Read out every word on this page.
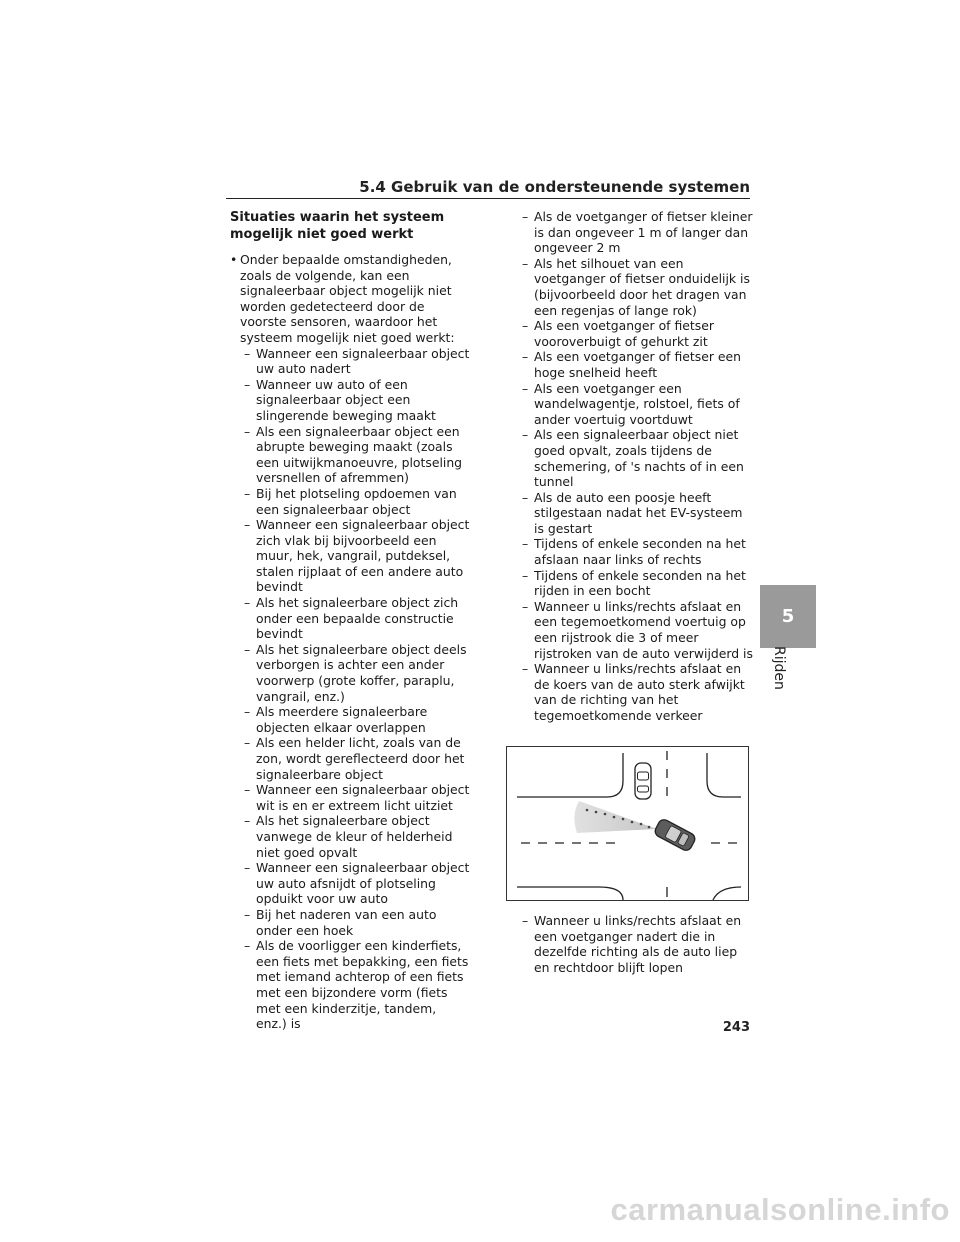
5.4 Gebruik van de ondersteunende systemen
5
Rijden
Situaties waarin het systeem mogelijk niet goed werkt
• Onder bepaalde omstandigheden, zoals de volgende, kan een signaleerbaar object mogelijk niet worden gedetecteerd door de voorste sensoren, waardoor het systeem mogelijk niet goed werkt:
– Wanneer een signaleerbaar object uw auto nadert
– Wanneer uw auto of een signaleerbaar object een slingerende beweging maakt
– Als een signaleerbaar object een abrupte beweging maakt (zoals een uitwijkmanoeuvre, plotseling versnellen of afremmen)
– Bij het plotseling opdoemen van een signaleerbaar object
– Wanneer een signaleerbaar object zich vlak bij bijvoorbeeld een muur, hek, vangrail, putdeksel, stalen rijplaat of een andere auto bevindt
– Als het signaleerbare object zich onder een bepaalde constructie bevindt
– Als het signaleerbare object deels verborgen is achter een ander voorwerp (grote koffer, paraplu, vangrail, enz.)
– Als meerdere signaleerbare objecten elkaar overlappen
– Als een helder licht, zoals van de zon, wordt gereflecteerd door het signaleerbare object
– Wanneer een signaleerbaar object wit is en er extreem licht uitziet
– Als het signaleerbare object vanwege de kleur of helderheid niet goed opvalt
– Wanneer een signaleerbaar object uw auto afsnijdt of plotseling opduikt voor uw auto
– Bij het naderen van een auto onder een hoek
– Als de voorligger een kinderfiets, een fiets met bepakking, een fiets met iemand achterop of een fiets met een bijzondere vorm (fiets met een kinderzitje, tandem, enz.) is
– Als de voetganger of fietser kleiner is dan ongeveer 1 m of langer dan ongeveer 2 m
– Als het silhouet van een voetganger of fietser onduidelijk is (bijvoorbeeld door het dragen van een regenjas of lange rok)
– Als een voetganger of fietser vooroverbuigt of gehurkt zit
– Als een voetganger of fietser een hoge snelheid heeft
– Als een voetganger een wandelwagentje, rolstoel, fiets of ander voertuig voortduwt
– Als een signaleerbaar object niet goed opvalt, zoals tijdens de schemering, of 's nachts of in een tunnel
– Als de auto een poosje heeft stilgestaan nadat het EV-systeem is gestart
– Tijdens of enkele seconden na het afslaan naar links of rechts
– Tijdens of enkele seconden na het rijden in een bocht
– Wanneer u links/rechts afslaat en een tegemoetkomend voertuig op een rijstrook die 3 of meer rijstroken van de auto verwijderd is
– Wanneer u links/rechts afslaat en de koers van de auto sterk afwijkt van de richting van het tegemoetkomende verkeer
– Wanneer u links/rechts afslaat en een voetganger nadert die in dezelfde richting als de auto liep en rechtdoor blijft lopen
243
carmanualsonline.info
